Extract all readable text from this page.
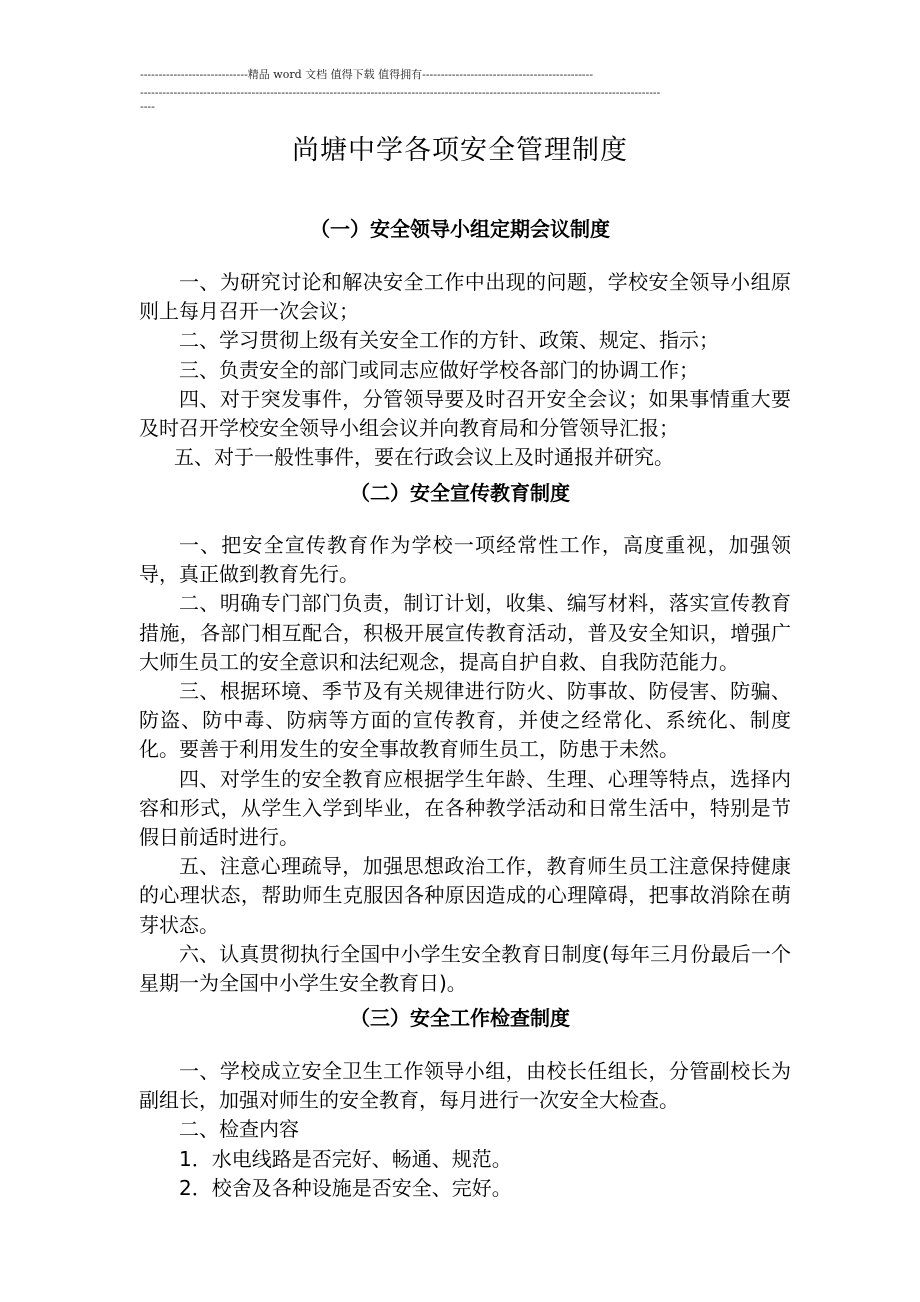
-----------------------------精品 word 文档 值得下载 值得拥有----------------------------------------------
--------------------------------------------------------------------------------------------------------------------------------------------
----
尚塘中学各项安全管理制度
（一）安全领导小组定期会议制度

一、为研究讨论和解决安全工作中出现的问题，学校安全领导小组原则上每月召开一次会议；

二、学习贯彻上级有关安全工作的方针、政策、规定、指示；

三、负责安全的部门或同志应做好学校各部门的协调工作；

四、对于突发事件，分管领导要及时召开安全会议；如果事情重大要及时召开学校安全领导小组会议并向教育局和分管领导汇报；

五、对于一般性事件，要在行政会议上及时通报并研究。

（二）安全宣传教育制度

一、把安全宣传教育作为学校一项经常性工作，高度重视，加强领导，真正做到教育先行。

二、明确专门部门负责，制订计划，收集、编写材料，落实宣传教育措施，各部门相互配合，积极开展宣传教育活动，普及安全知识，增强广大师生员工的安全意识和法纪观念，提高自护自救、自我防范能力。

三、根据环境、季节及有关规律进行防火、防事故、防侵害、防骗、防盗、防中毒、防病等方面的宣传教育，并使之经常化、系统化、制度化。要善于利用发生的安全事故教育师生员工，防患于未然。

四、对学生的安全教育应根据学生年龄、生理、心理等特点，选择内容和形式，从学生入学到毕业，在各种教学活动和日常生活中，特别是节假日前适时进行。

五、注意心理疏导，加强思想政治工作，教育师生员工注意保持健康的心理状态，帮助师生克服因各种原因造成的心理障碍，把事故消除在萌芽状态。

六、认真贯彻执行全国中小学生安全教育日制度(每年三月份最后一个星期一为全国中小学生安全教育日)。

（三）安全工作检查制度

一、学校成立安全卫生工作领导小组，由校长任组长，分管副校长为副组长，加强对师生的安全教育，每月进行一次安全大检查。

二、检查内容

1．水电线路是否完好、畅通、规范。

2．校舍及各种设施是否安全、完好。
